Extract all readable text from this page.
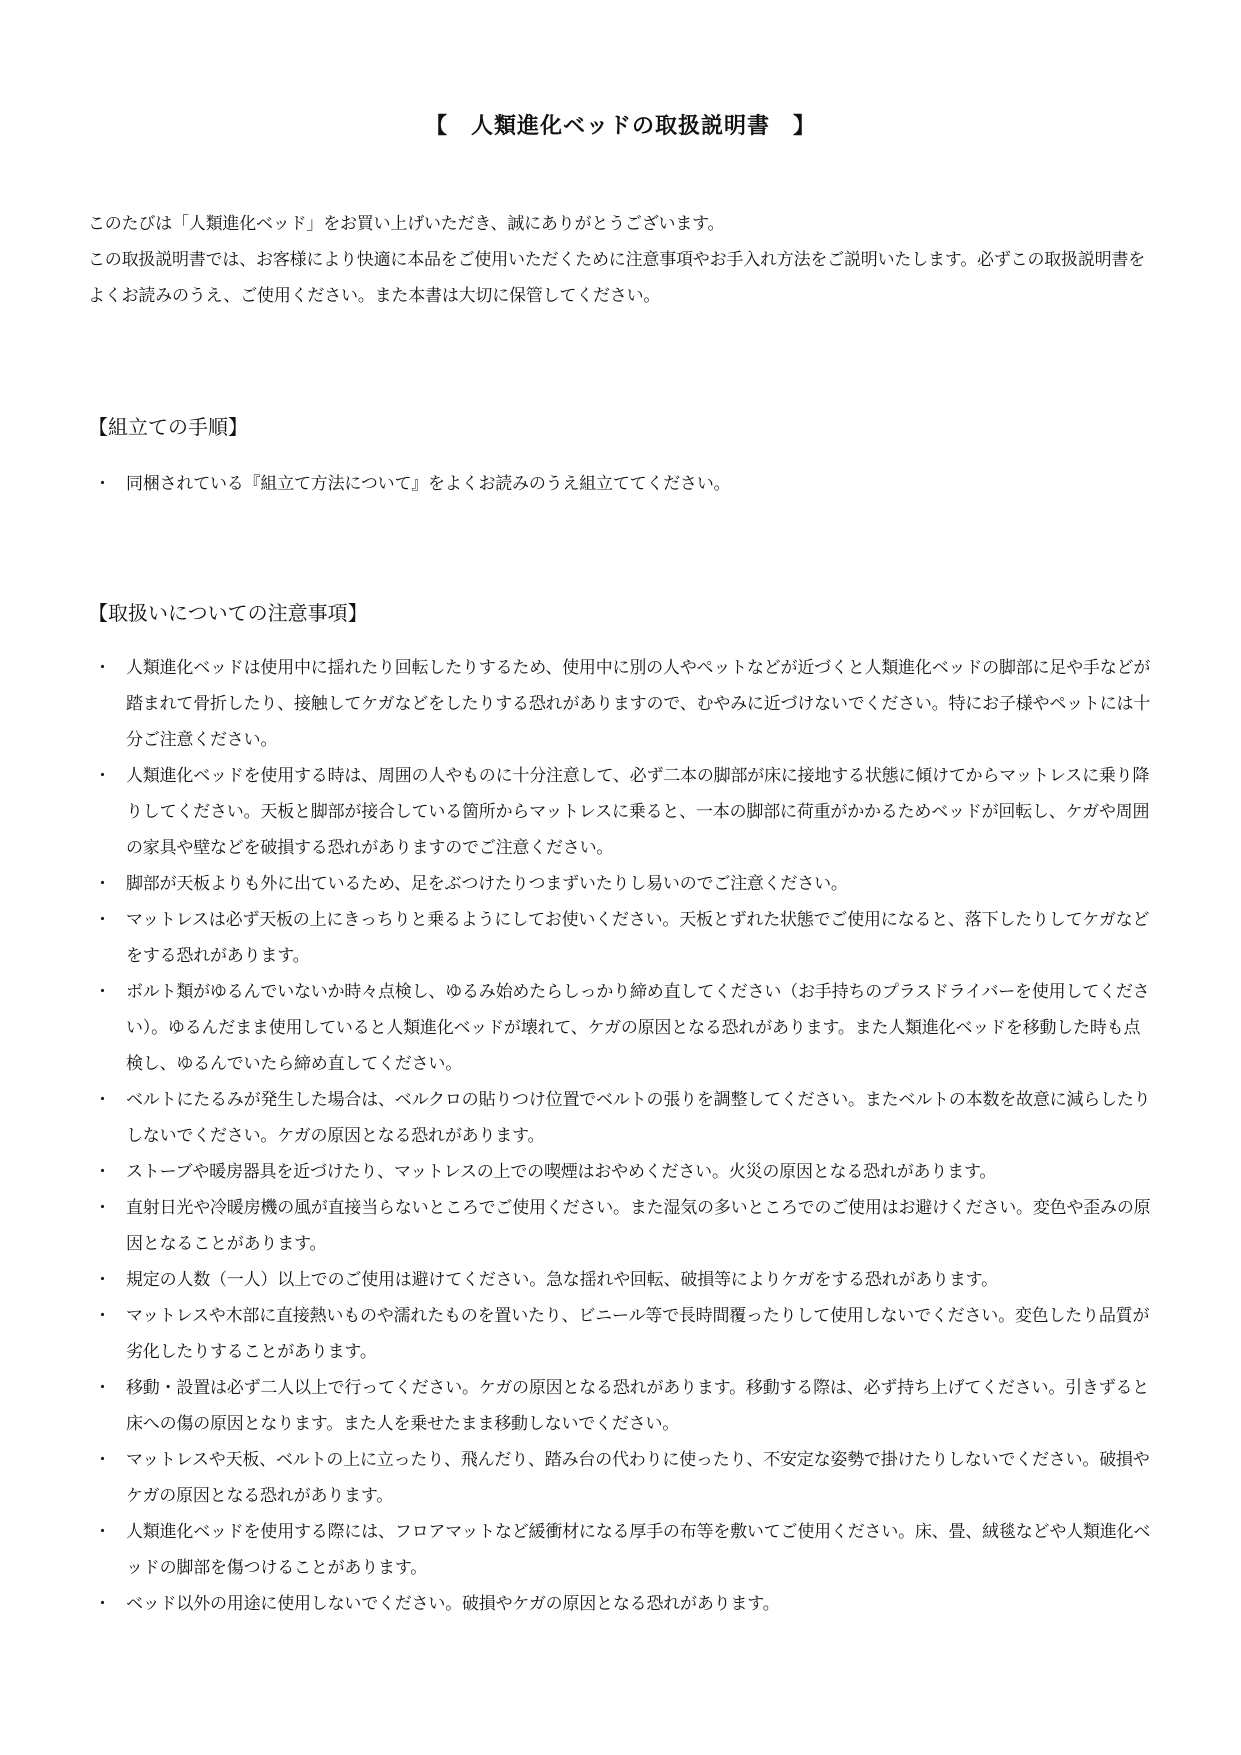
【　人類進化ベッドの取扱説明書　】

このたびは「人類進化ベッド」をお買い上げいただき、誠にありがとうございます。

この取扱説明書では、お客様により快適に本品をご使用いただくために注意事項やお手入れ方法をご説明いたします。必ずこの取扱説明書をよくお読みのうえ、ご使用ください。また本書は大切に保管してください。

【組立ての手順】
・ 同梱されている『組立て方法について』をよくお読みのうえ組立ててください。
【取扱いについての注意事項】
・ 人類進化ベッドは使用中に揺れたり回転したりするため、使用中に別の人やペットなどが近づくと人類進化ベッドの脚部に足や手などが踏まれて骨折したり、接触してケガなどをしたりする恐れがありますので、むやみに近づけないでください。特にお子様やペットには十分ご注意ください。
・ 人類進化ベッドを使用する時は、周囲の人やものに十分注意して、必ず二本の脚部が床に接地する状態に傾けてからマットレスに乗り降りしてください。天板と脚部が接合している箇所からマットレスに乗ると、一本の脚部に荷重がかかるためベッドが回転し、ケガや周囲の家具や壁などを破損する恐れがありますのでご注意ください。
・ 脚部が天板よりも外に出ているため、足をぶつけたりつまずいたりし易いのでご注意ください。
・ マットレスは必ず天板の上にきっちりと乗るようにしてお使いください。天板とずれた状態でご使用になると、落下したりしてケガなどをする恐れがあります。
・ ボルト類がゆるんでいないか時々点検し、ゆるみ始めたらしっかり締め直してください（お手持ちのプラスドライバーを使用してください）。ゆるんだまま使用していると人類進化ベッドが壊れて、ケガの原因となる恐れがあります。また人類進化ベッドを移動した時も点検し、ゆるんでいたら締め直してください。
・ ベルトにたるみが発生した場合は、ベルクロの貼りつけ位置でベルトの張りを調整してください。またベルトの本数を故意に減らしたりしないでください。ケガの原因となる恐れがあります。
・ ストーブや暖房器具を近づけたり、マットレスの上での喫煙はおやめください。火災の原因となる恐れがあります。
・ 直射日光や冷暖房機の風が直接当らないところでご使用ください。また湿気の多いところでのご使用はお避けください。変色や歪みの原因となることがあります。
・ 規定の人数（一人）以上でのご使用は避けてください。急な揺れや回転、破損等によりケガをする恐れがあります。
・ マットレスや木部に直接熱いものや濡れたものを置いたり、ビニール等で長時間覆ったりして使用しないでください。変色したり品質が劣化したりすることがあります。
・ 移動・設置は必ず二人以上で行ってください。ケガの原因となる恐れがあります。移動する際は、必ず持ち上げてください。引きずると床への傷の原因となります。また人を乗せたまま移動しないでください。
・ マットレスや天板、ベルトの上に立ったり、飛んだり、踏み台の代わりに使ったり、不安定な姿勢で掛けたりしないでください。破損やケガの原因となる恐れがあります。
・ 人類進化ベッドを使用する際には、フロアマットなど緩衝材になる厚手の布等を敷いてご使用ください。床、畳、絨毯などや人類進化ベッドの脚部を傷つけることがあります。
・ ベッド以外の用途に使用しないでください。破損やケガの原因となる恐れがあります。
